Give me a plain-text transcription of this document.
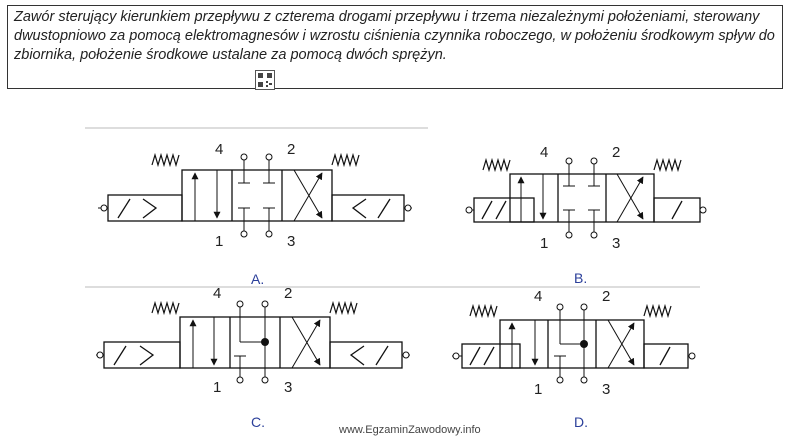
Zawór sterujący kierunkiem przepływu z czterema drogami przepływu i trzema niezależnymi położeniami, sterowany dwustopniowo za pomocą elektromagnesów i wzrostu ciśnienia czynnika roboczego, w położeniu środkowym spływ do zbiornika, położenie środkowe ustalane za pomocą dwóch sprężyn.
4	2
1	3
A.
4	2
1	3
B.
4	2
1	3
C.
4	2
1	3
D.
www.EgzaminZawodowy.info
